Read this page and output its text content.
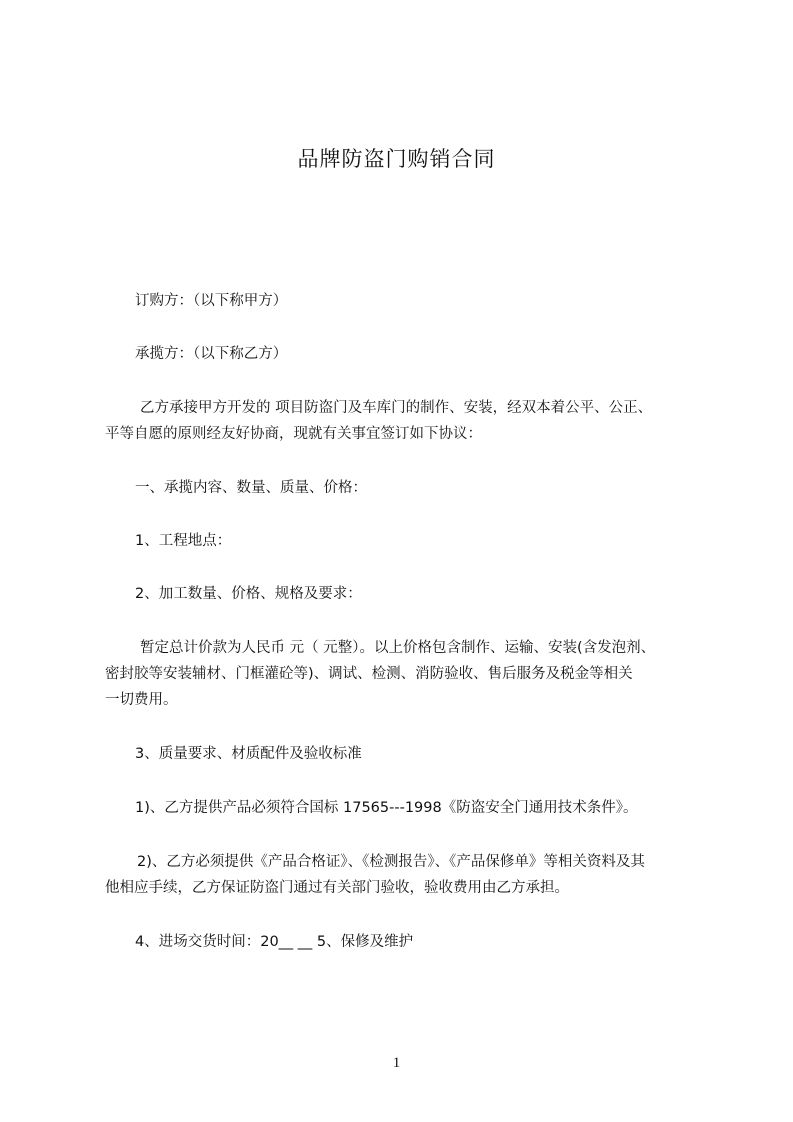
品牌防盗门购销合同
订购方：（以下称甲方）
承揽方：（以下称乙方）
乙方承接甲方开发的 项目防盗门及车库门的制作、安装，经双本着公平、公正、
平等自愿的原则经友好协商，现就有关事宜签订如下协议：
一、承揽内容、数量、质量、价格：
1、工程地点：
2、加工数量、价格、规格及要求：
暂定总计价款为人民币 元（ 元整）。以上价格包含制作、运输、安装(含发泡剂、
密封胶等安装辅材、门框灌砼等)、调试、检测、消防验收、售后服务及税金等相关
一切费用。
3、质量要求、材质配件及验收标准
1)、乙方提供产品必须符合国标 17565---1998《防盗安全门通用技术条件》。
2)、乙方必须提供《产品合格证》、《检测报告》、《产品保修单》等相关资料及其
他相应手续，乙方保证防盗门通过有关部门验收，验收费用由乙方承担。
4、进场交货时间：20__ __ 5、保修及维护
1
